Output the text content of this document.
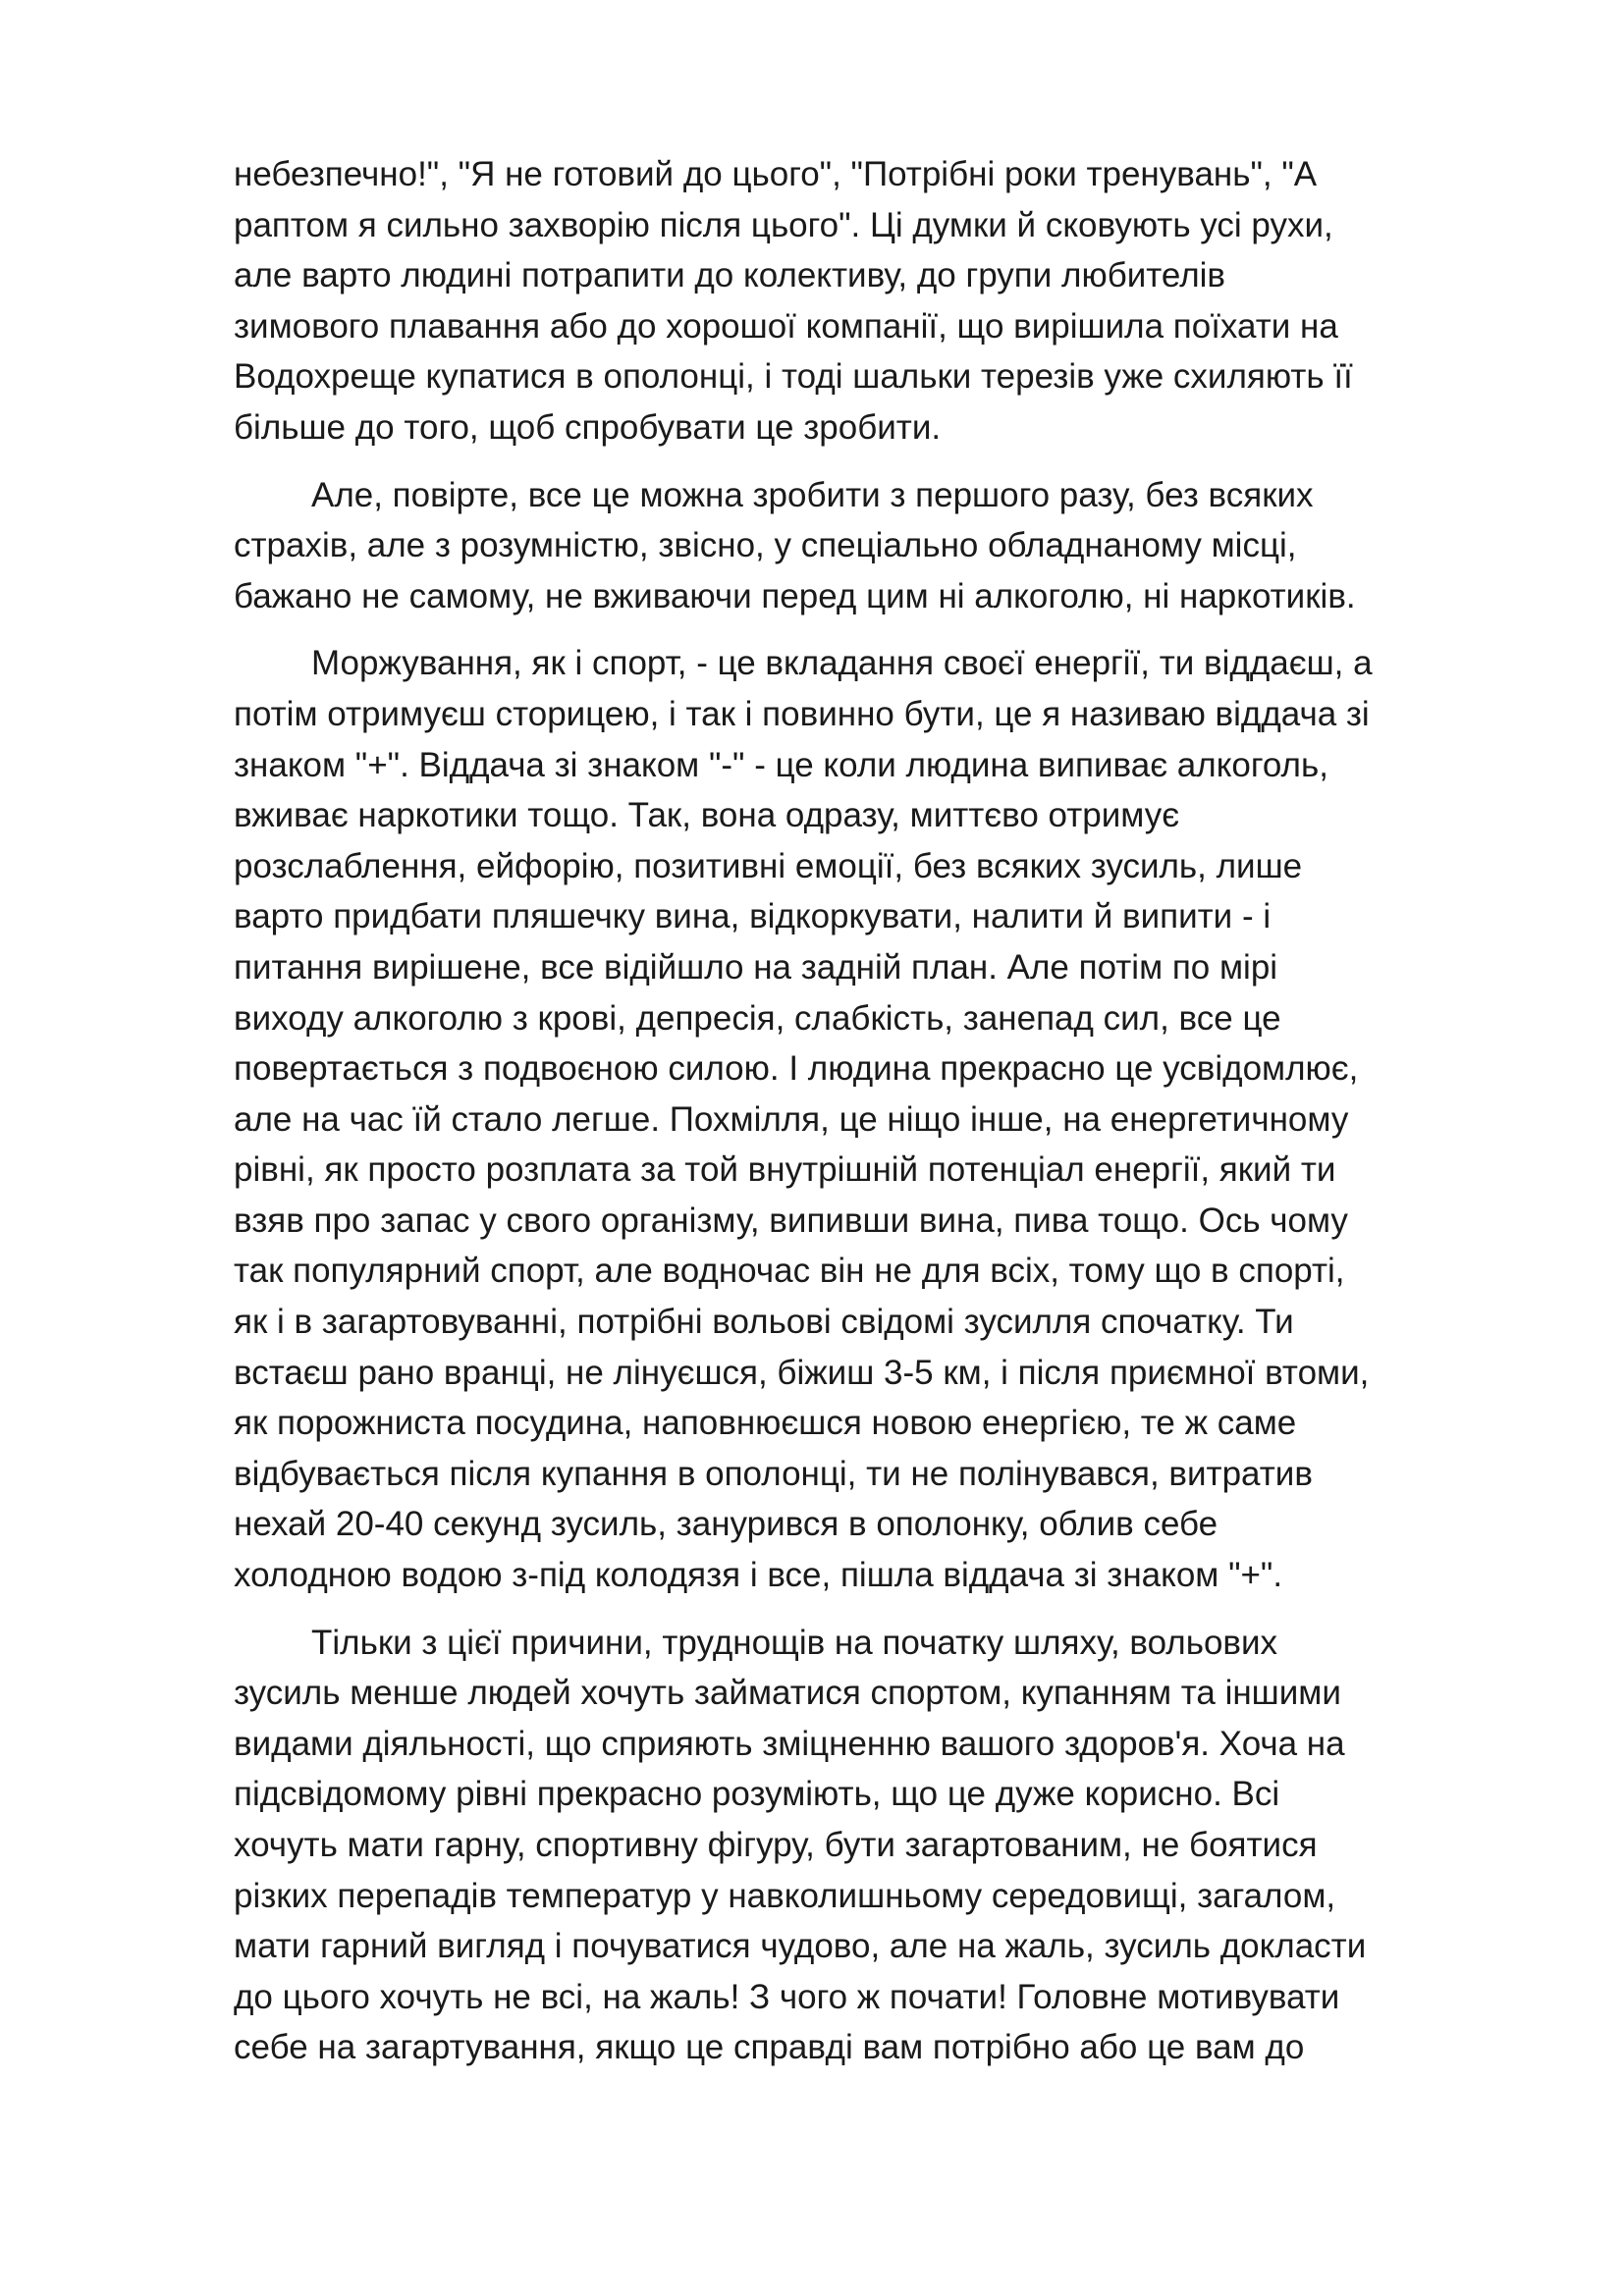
небезпечно!", "Я не готовий до цього", "Потрібні роки тренувань", "А
раптом я сильно захворію після цього". Ці думки й сковують усі рухи,
але варто людині потрапити до колективу, до групи любителів
зимового плавання або до хорошої компанії, що вирішила поїхати на
Водохреще купатися в ополонці, і тоді шальки терезів уже схиляють її
більше до того, щоб спробувати це зробити.

Але, повірте, все це можна зробити з першого разу, без всяких
страхів, але з розумністю, звісно, у спеціально обладнаному місці,
бажано не самому, не вживаючи перед цим ні алкоголю, ні наркотиків.

Моржування, як і спорт, - це вкладання своєї енергії, ти віддаєш, а
потім отримуєш сторицею, і так і повинно бути, це я називаю віддача зі
знаком "+". Віддача зі знаком "-" - це коли людина випиває алкоголь,
вживає наркотики тощо. Так, вона одразу, миттєво отримує
розслаблення, ейфорію, позитивні емоції, без всяких зусиль, лише
варто придбати пляшечку вина, відкоркувати, налити й випити - і
питання вирішене, все відійшло на задній план. Але потім по мірі
виходу алкоголю з крові, депресія, слабкість, занепад сил, все це
повертається з подвоєною силою. І людина прекрасно це усвідомлює,
але на час їй стало легше. Похмілля, це ніщо інше, на енергетичному
рівні, як просто розплата за той внутрішній потенціал енергії, який ти
взяв про запас у свого організму, випивши вина, пива тощо. Ось чому
так популярний спорт, але водночас він не для всіх, тому що в спорті,
як і в загартовуванні, потрібні вольові свідомі зусилля спочатку. Ти
встаєш рано вранці, не лінуєшся, біжиш 3-5 км, і після приємної втоми,
як порожниста посудина, наповнюєшся новою енергією, те ж саме
відбувається після купання в ополонці, ти не полінувався, витратив
нехай 20-40 секунд зусиль, занурився в ополонку, облив себе
холодною водою з-під колодязя і все, пішла віддача зі знаком "+".

Тільки з цієї причини, труднощів на початку шляху, вольових
зусиль менше людей хочуть займатися спортом, купанням та іншими
видами діяльності, що сприяють зміцненню вашого здоров'я. Хоча на
підсвідомому рівні прекрасно розуміють, що це дуже корисно. Всі
хочуть мати гарну, спортивну фігуру, бути загартованим, не боятися
різких перепадів температур у навколишньому середовищі, загалом,
мати гарний вигляд і почуватися чудово, але на жаль, зусиль докласти
до цього хочуть не всі, на жаль! З чого ж почати! Головне мотивувати
себе на загартування, якщо це справді вам потрібно або це вам до
